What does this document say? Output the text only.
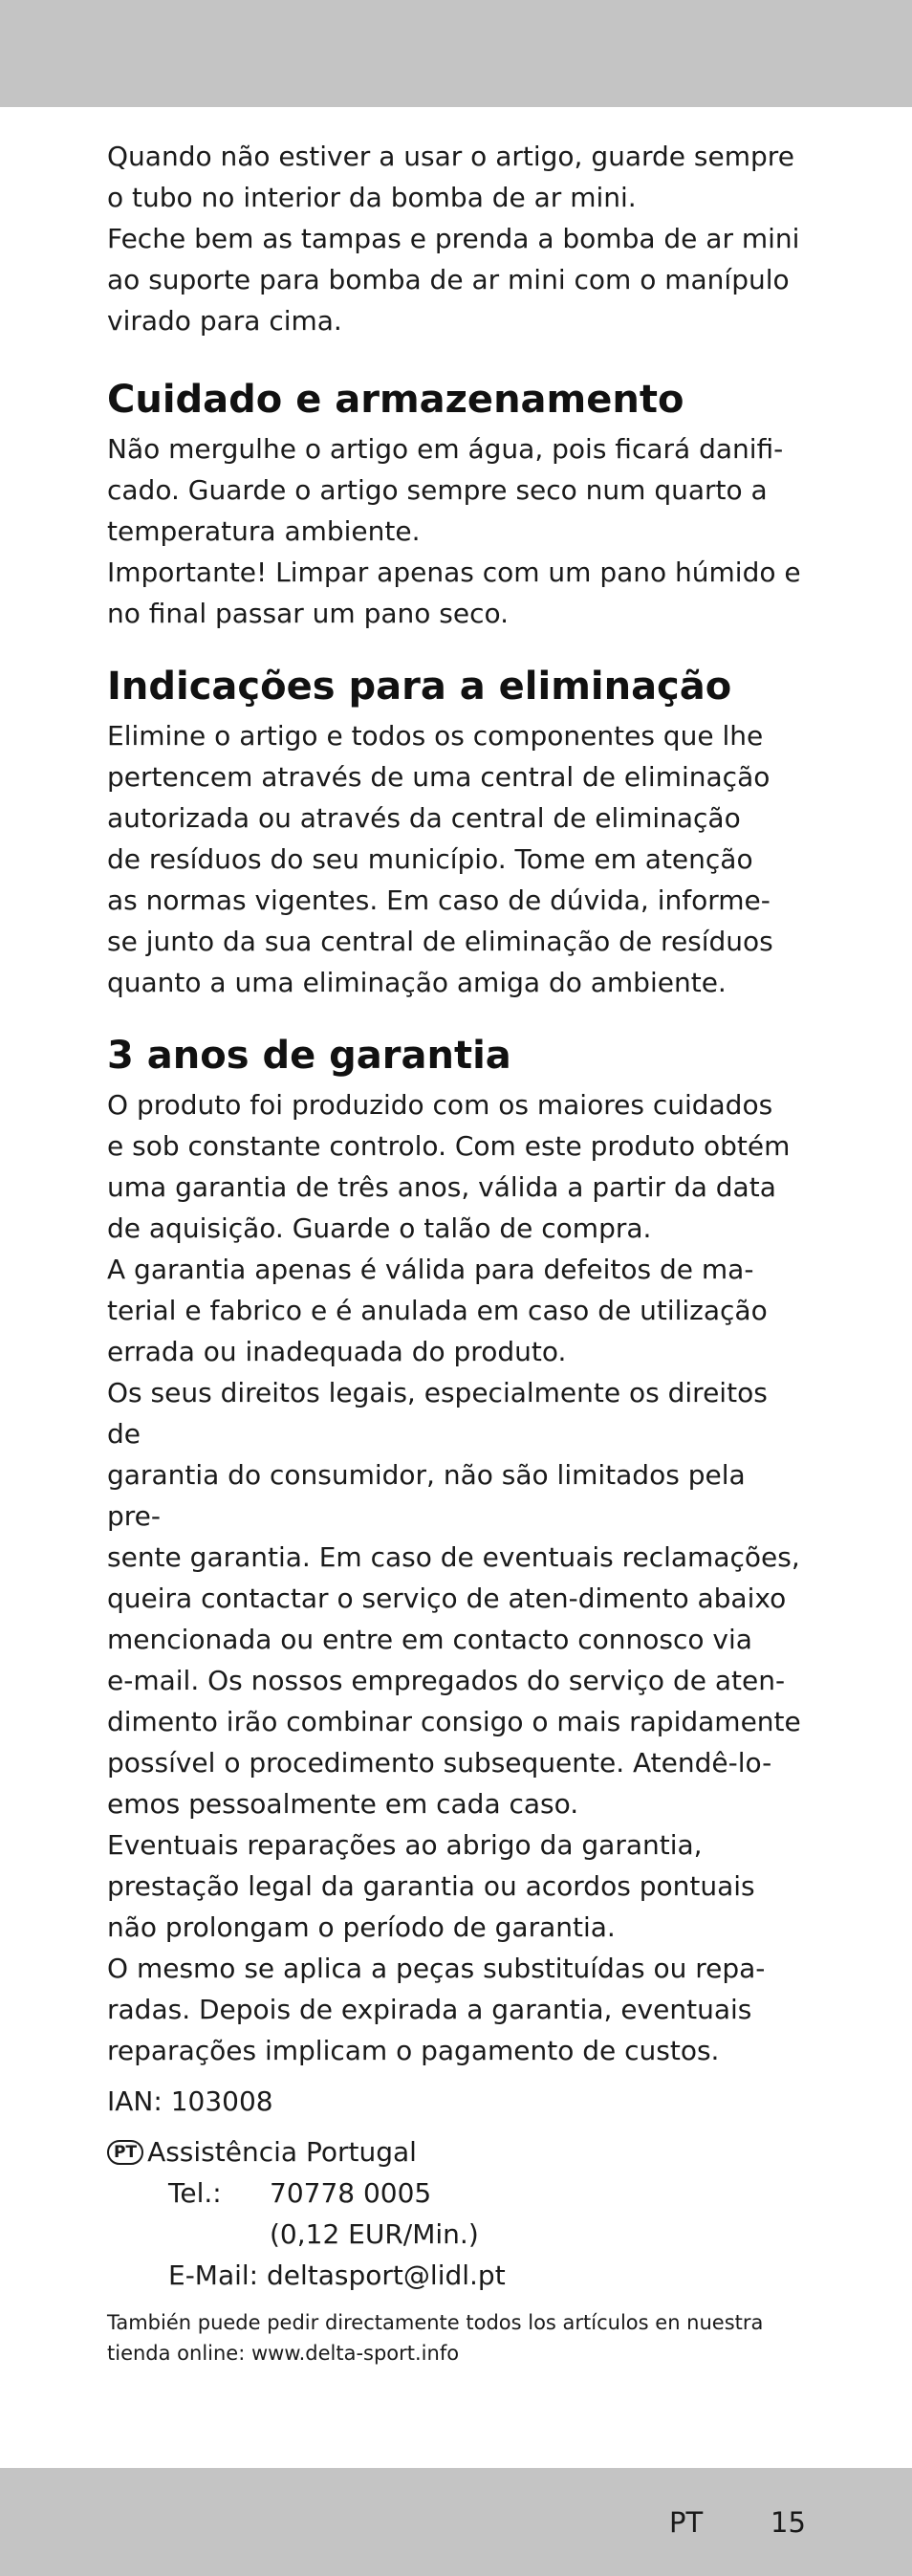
Quando não estiver a usar o artigo, guarde sempre

o tubo no interior da bomba de ar mini.

Feche bem as tampas e prenda a bomba de ar mini

ao suporte para bomba de ar mini com o manípulo

virado para cima.

Cuidado e armazenamento

Não mergulhe o artigo em água, pois ficará danifi-

cado. Guarde o artigo sempre seco num quarto a

temperatura ambiente.

Importante! Limpar apenas com um pano húmido e

no final passar um pano seco.

Indicações para a eliminação

Elimine o artigo e todos os componentes que lhe

pertencem através de uma central de eliminação

autorizada ou através da central de eliminação

de resíduos do seu município. Tome em atenção

as normas vigentes. Em caso de dúvida, informe-

se junto da sua central de eliminação de resíduos

quanto a uma eliminação amiga do ambiente.

3 anos de garantia

O produto foi produzido com os maiores cuidados

e sob constante controlo. Com este produto obtém

uma garantia de três anos, válida a partir da data

de aquisição. Guarde o talão de compra.

A garantia apenas é válida para defeitos de ma-

terial e fabrico e é anulada em caso de utilização

errada ou inadequada do produto.

Os seus direitos legais, especialmente os direitos de

garantia do consumidor, não são limitados pela pre-

sente garantia. Em caso de eventuais reclamações,

queira contactar o serviço de aten-dimento abaixo

mencionada ou entre em contacto connosco via

e-mail. Os nossos empregados do serviço de aten-

dimento irão combinar consigo o mais rapidamente

possível o procedimento subsequente. Atendê-lo-

emos pessoalmente em cada caso.

Eventuais reparações ao abrigo da garantia,

prestação legal da garantia ou acordos pontuais

não prolongam o período de garantia.

O mesmo se aplica a peças substituídas ou repa-

radas. Depois de expirada a garantia, eventuais

reparações implicam o pagamento de custos.

IAN: 103008

PT Assistência Portugal
Tel.:	70778 0005
(0,12 EUR/Min.)
E-Mail:
deltasport@lidl.pt
También puede pedir directamente todos los artículos en nuestra
tienda online: www.delta-sport.info
PT 15
